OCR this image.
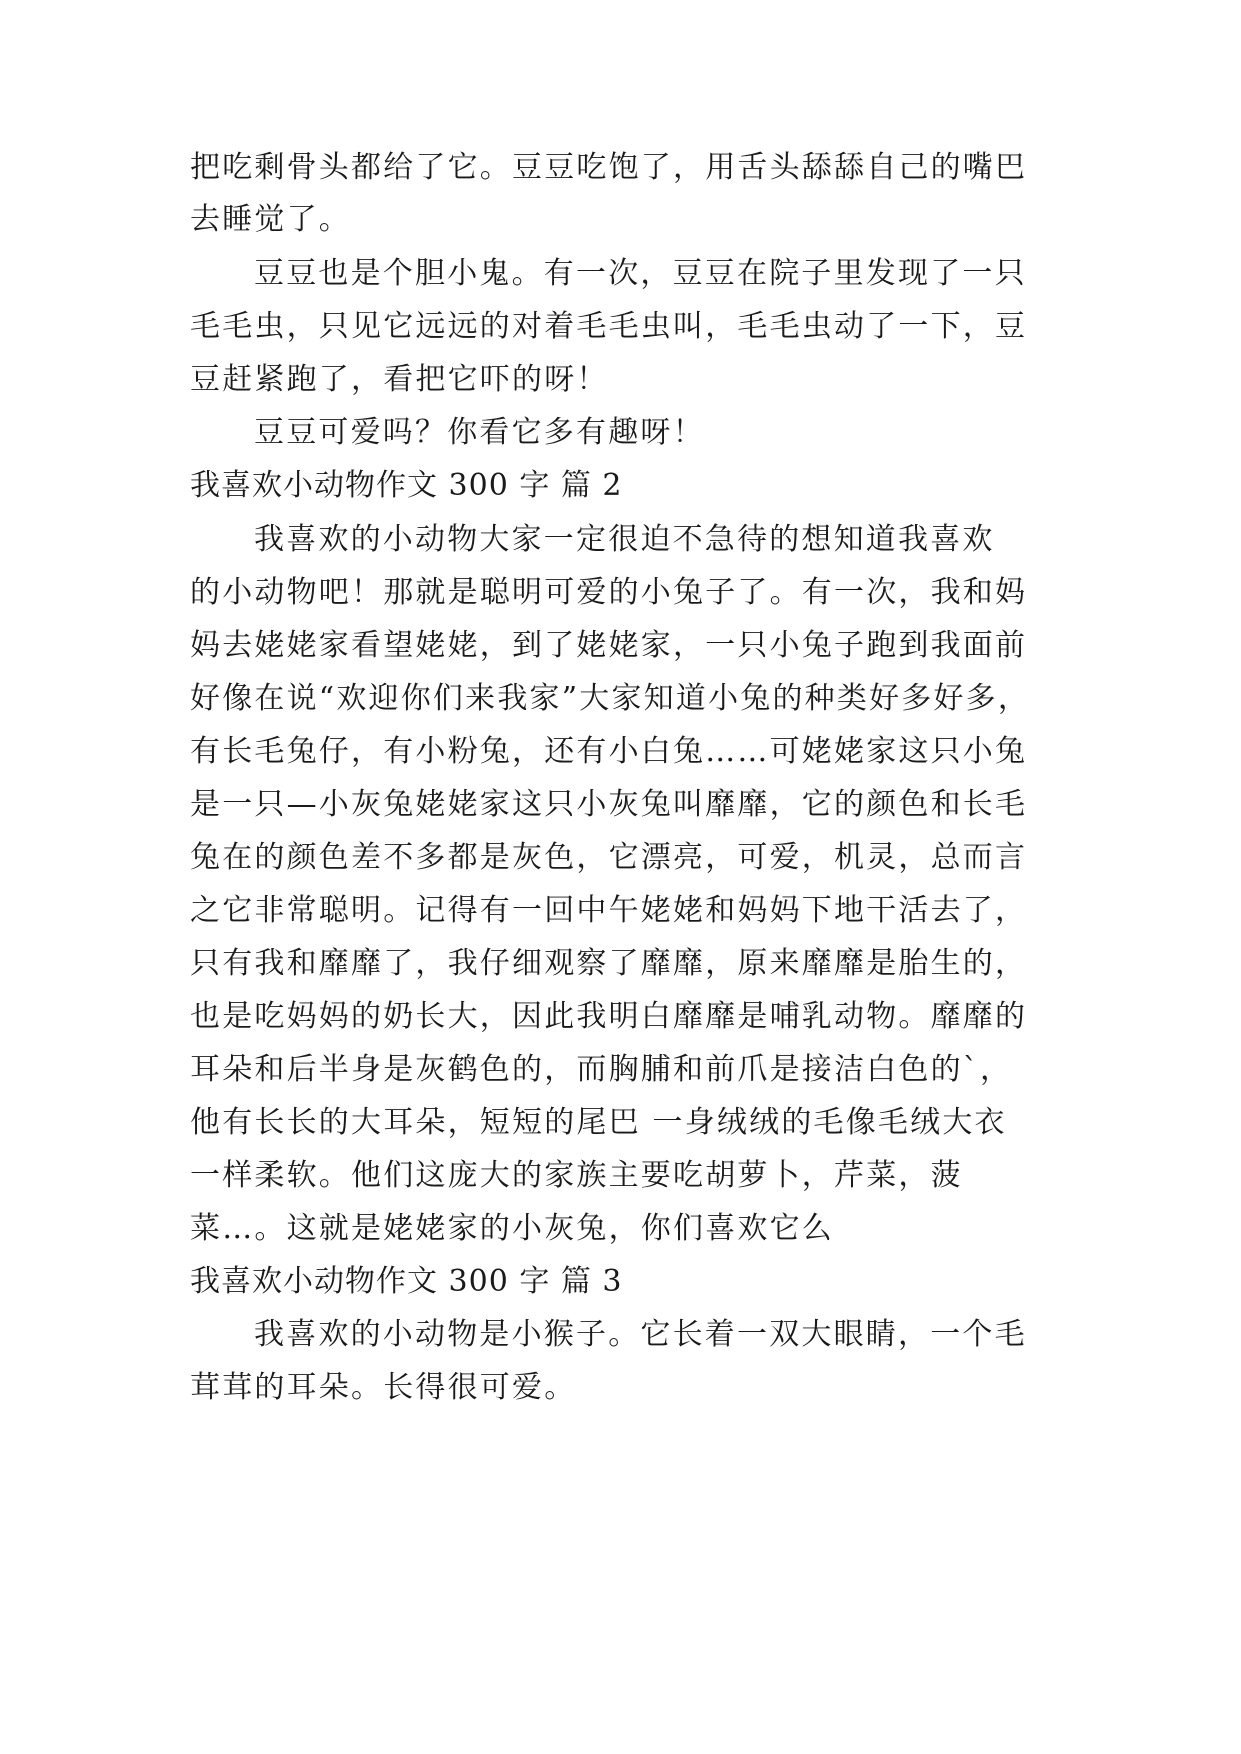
把吃剩骨头都给了它。豆豆吃饱了，用舌头舔舔自己的嘴巴
去睡觉了。
豆豆也是个胆小鬼。有一次，豆豆在院子里发现了一只
毛毛虫，只见它远远的对着毛毛虫叫，毛毛虫动了一下，豆
豆赶紧跑了，看把它吓的呀！
豆豆可爱吗？你看它多有趣呀！
我喜欢小动物作文 300 字 篇 2
我喜欢的小动物大家一定很迫不急待的想知道我喜欢
的小动物吧！那就是聪明可爱的小兔子了。有一次，我和妈
妈去姥姥家看望姥姥，到了姥姥家，一只小兔子跑到我面前
好像在说“欢迎你们来我家”大家知道小兔的种类好多好多，
有长毛兔仔，有小粉兔，还有小白兔……可姥姥家这只小兔
是一只—小灰兔姥姥家这只小灰兔叫靡靡，它的颜色和长毛
兔在的颜色差不多都是灰色，它漂亮，可爱，机灵，总而言
之它非常聪明。记得有一回中午姥姥和妈妈下地干活去了，
只有我和靡靡了，我仔细观察了靡靡，原来靡靡是胎生的，
也是吃妈妈的奶长大，因此我明白靡靡是哺乳动物。靡靡的
耳朵和后半身是灰鹤色的，而胸脯和前爪是接洁白色的`，
他有长长的大耳朵，短短的尾巴 一身绒绒的毛像毛绒大衣
一样柔软。他们这庞大的家族主要吃胡萝卜，芹菜，菠
菜…。这就是姥姥家的小灰兔，你们喜欢它么
我喜欢小动物作文 300 字 篇 3
我喜欢的小动物是小猴子。它长着一双大眼睛，一个毛
茸茸的耳朵。长得很可爱。
